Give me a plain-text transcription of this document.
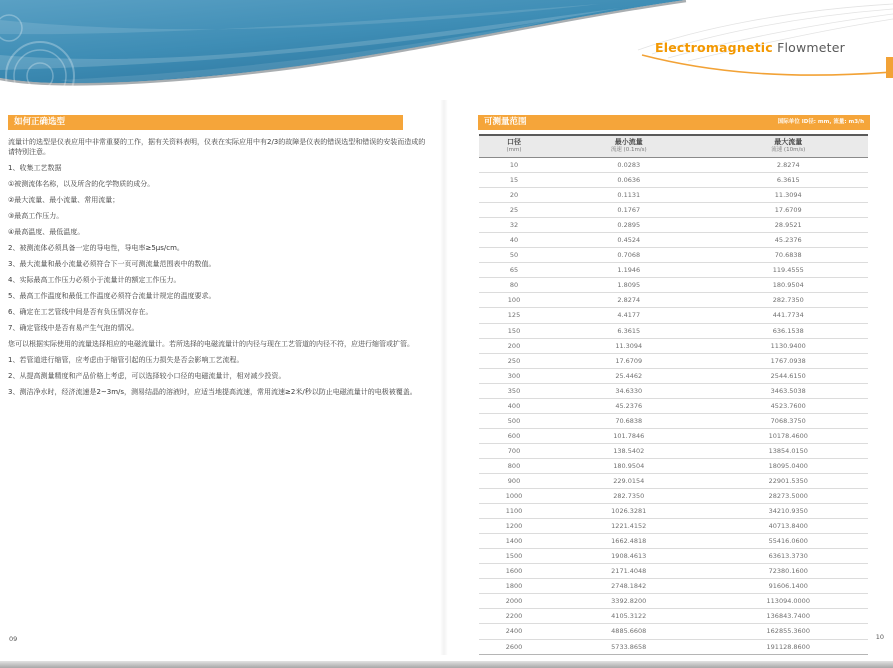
Electromagnetic Flowmeter
如何正确选型

流量计的选型是仪表应用中非常重要的工作，据有关资料表明，仪表在实际应用中有2/3的故障是仪表的错误选型和错误的安装而造成的请特别注意。

1、收集工艺数据

①被测流体名称，以及所含的化学物质的成分。

②最大流量、最小流量、常用流量；

③最高工作压力。

④最高温度、最低温度。

2、被测流体必须具备一定的导电性，导电率≥5μs/cm。

3、最大流量和最小流量必须符合下一页可测流量范围表中的数值。

4、实际最高工作压力必须小于流量计的额定工作压力。

5、最高工作温度和最低工作温度必须符合流量计规定的温度要求。

6、确定在工艺管线中间是否有负压情况存在。

7、确定管线中是否有易产生气泡的情况。

您可以根据实际使用的流量选择相应的电磁流量计。若所选择的电磁流量计的内径与现在工艺管道的内径不符，应进行缩管或扩管。

1、若管道进行缩管，应考虑由于缩管引起的压力损失是否会影响工艺流程。

2、从提高测量精度和产品价格上考虑，可以选择较小口径的电磁流量计，相对减少投资。

3、测洁净水时，经济流速是2~3m/s，测易结晶的溶液时，应适当地提高流速，常用流速≥2米/秒以防止电磁流量计的电极被覆盖。

09
可测量范围	国际单位 ID径: mm, 流量: m3/h
口径
(mm)

最小流量
流速 (0.1m/s)

最大流量
流速 (10m/s)

10	0.0283	2.8274
15	0.0636	6.3615
20	0.1131	11.3094
25	0.1767	17.6709
32	0.2895	28.9521
40	0.4524	45.2376
50	0.7068	70.6838
65	1.1946	119.4555
80	1.8095	180.9504
100	2.8274	282.7350
125	4.4177	441.7734
150	6.3615	636.1538
200	11.3094	1130.9400
250	17.6709	1767.0938
300	25.4462	2544.6150
350	34.6330	3463.5038
400	45.2376	4523.7600
500	70.6838	7068.3750
600	101.7846	10178.4600
700	138.5402	13854.0150
800	180.9504	18095.0400
900	229.0154	22901.5350
1000	282.7350	28273.5000
1100	1026.3281	34210.9350
1200	1221.4152	40713.8400
1400	1662.4818	55416.0600
1500	1908.4613	63613.3730
1600	2171.4048	72380.1600
1800	2748.1842	91606.1400
2000	3392.8200	113094.0000
2200	4105.3122	136843.7400
2400	4885.6608	162855.3600
2600	5733.8658	191128.8600
10
